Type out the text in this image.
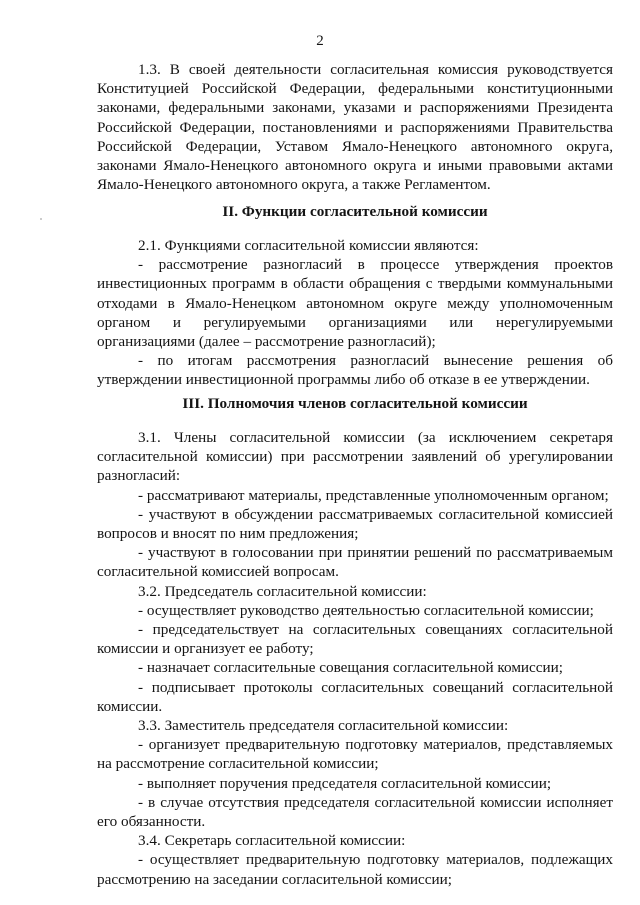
2

1.3. В своей деятельности согласительная комиссия руководствуется Конституцией Российской Федерации, федеральными конституционными законами, федеральными законами, указами и распоряжениями Президента Российской Федерации, постановлениями и распоряжениями Правительства Российской Федерации, Уставом Ямало-Ненецкого автономного округа, законами Ямало-Ненецкого автономного округа и иными правовыми актами Ямало-Ненецкого автономного округа, а также Регламентом.

II. Функции согласительной комиссии

2.1. Функциями согласительной комиссии являются:

- рассмотрение разногласий в процессе утверждения проектов инвестиционных программ в области обращения с твердыми коммунальными отходами в Ямало-Ненецком автономном округе между уполномоченным органом и регулируемыми организациями или нерегулируемыми организациями (далее – рассмотрение разногласий);

- по итогам рассмотрения разногласий вынесение решения об утверждении инвестиционной программы либо об отказе в ее утверждении.

III. Полномочия членов согласительной комиссии

3.1. Члены согласительной комиссии (за исключением секретаря согласительной комиссии) при рассмотрении заявлений об урегулировании разногласий:

- рассматривают материалы, представленные уполномоченным органом;

- участвуют в обсуждении рассматриваемых согласительной комиссией вопросов и вносят по ним предложения;

- участвуют в голосовании при принятии решений по рассматриваемым согласительной комиссией вопросам.

3.2. Председатель согласительной комиссии:

- осуществляет руководство деятельностью согласительной комиссии;

- председательствует на согласительных совещаниях согласительной комиссии и организует ее работу;

- назначает согласительные совещания согласительной комиссии;

- подписывает протоколы согласительных совещаний согласительной комиссии.

3.3. Заместитель председателя согласительной комиссии:

- организует предварительную подготовку материалов, представляемых на рассмотрение согласительной комиссии;

- выполняет поручения председателя согласительной комиссии;

- в случае отсутствия председателя согласительной комиссии исполняет его обязанности.

3.4. Секретарь согласительной комиссии:

- осуществляет предварительную подготовку материалов, подлежащих рассмотрению на заседании согласительной комиссии;
